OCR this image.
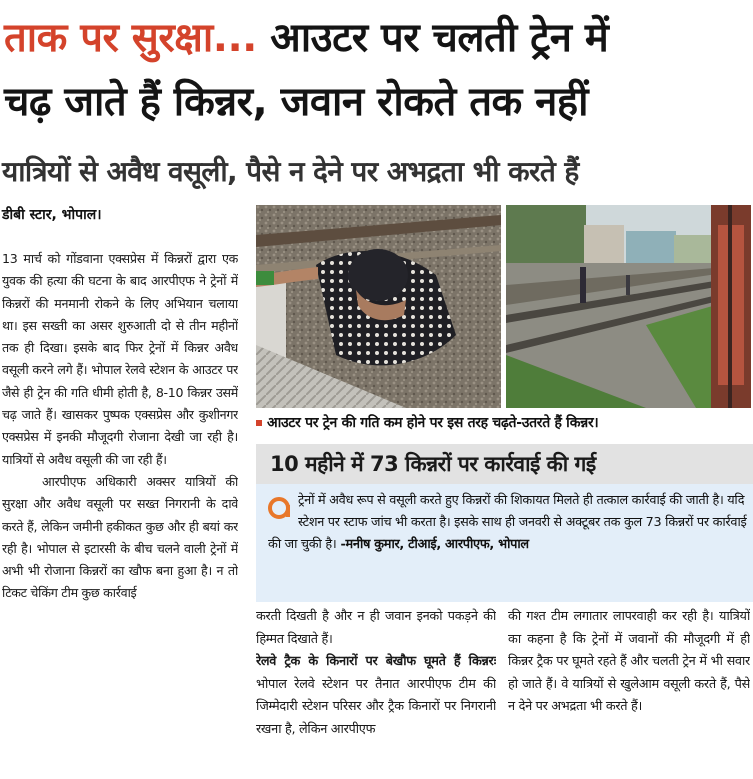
ताक पर सुरक्षा... आउटर पर चलती ट्रेन में
चढ़ जाते हैं किन्नर, जवान रोकते तक नहीं
यात्रियों से अवैध वसूली, पैसे न देने पर अभद्रता भी करते हैं
डीबी स्टार, भोपाल।

13 मार्च को गोंडवाना एक्सप्रेस में किन्नरों द्वारा एक युवक की हत्या की घटना के बाद आरपीएफ ने ट्रेनों में किन्नरों की मनमानी रोकने के लिए अभियान चलाया था। इस सख्ती का असर शुरुआती दो से तीन महीनों तक ही दिखा। इसके बाद फिर ट्रेनों में किन्नर अवैध वसूली करने लगे हैं। भोपाल रेलवे स्टेशन के आउटर पर जैसे ही ट्रेन की गति धीमी होती है, 8-10 किन्नर उसमें चढ़ जाते हैं। खासकर पुष्पक एक्सप्रेस और कुशीनगर एक्सप्रेस में इनकी मौजूदगी रोजाना देखी जा रही है। यात्रियों से अवैध वसूली की जा रही हैं।

आरपीएफ अधिकारी अक्सर यात्रियों की सुरक्षा और अवैध वसूली पर सख्त निगरानी के दावे करते हैं, लेकिन जमीनी हकीकत कुछ और ही बयां कर रही है। भोपाल से इटारसी के बीच चलने वाली ट्रेनों में अभी भी रोजाना किन्नरों का खौफ बना हुआ है। न तो टिकट चेकिंग टीम कुछ कार्रवाई

आउटर पर ट्रेन की गति कम होने पर इस तरह चढ़ते-उतरते हैं किन्नर।
10 महीने में 73 किन्नरों पर कार्रवाई की गई
ट्रेनों में अवैध रूप से वसूली करते हुए किन्नरों की शिकायत मिलते ही तत्काल कार्रवाई की जाती है। यदि स्टेशन पर स्टाफ जांच भी करता है। इसके साथ ही जनवरी से अक्टूबर तक कुल 73 किन्नरों पर कार्रवाई की जा चुकी है। -मनीष कुमार, टीआई, आरपीएफ, भोपाल

करती दिखती है और न ही जवान इनको पकड़ने की हिम्मत दिखाते हैं।

रेलवे ट्रैक के किनारों पर बेखौफ घूमते हैं किन्नरः भोपाल रेलवे स्टेशन पर तैनात आरपीएफ टीम की जिम्मेदारी स्टेशन परिसर और ट्रैक किनारों पर निगरानी रखना है, लेकिन आरपीएफ

की गश्त टीम लगातार लापरवाही कर रही है। यात्रियों का कहना है कि ट्रेनों में जवानों की मौजूदगी में ही किन्नर ट्रैक पर घूमते रहते हैं और चलती ट्रेन में भी सवार हो जाते हैं। वे यात्रियों से खुलेआम वसूली करते हैं, पैसे न देने पर अभद्रता भी करते हैं।
